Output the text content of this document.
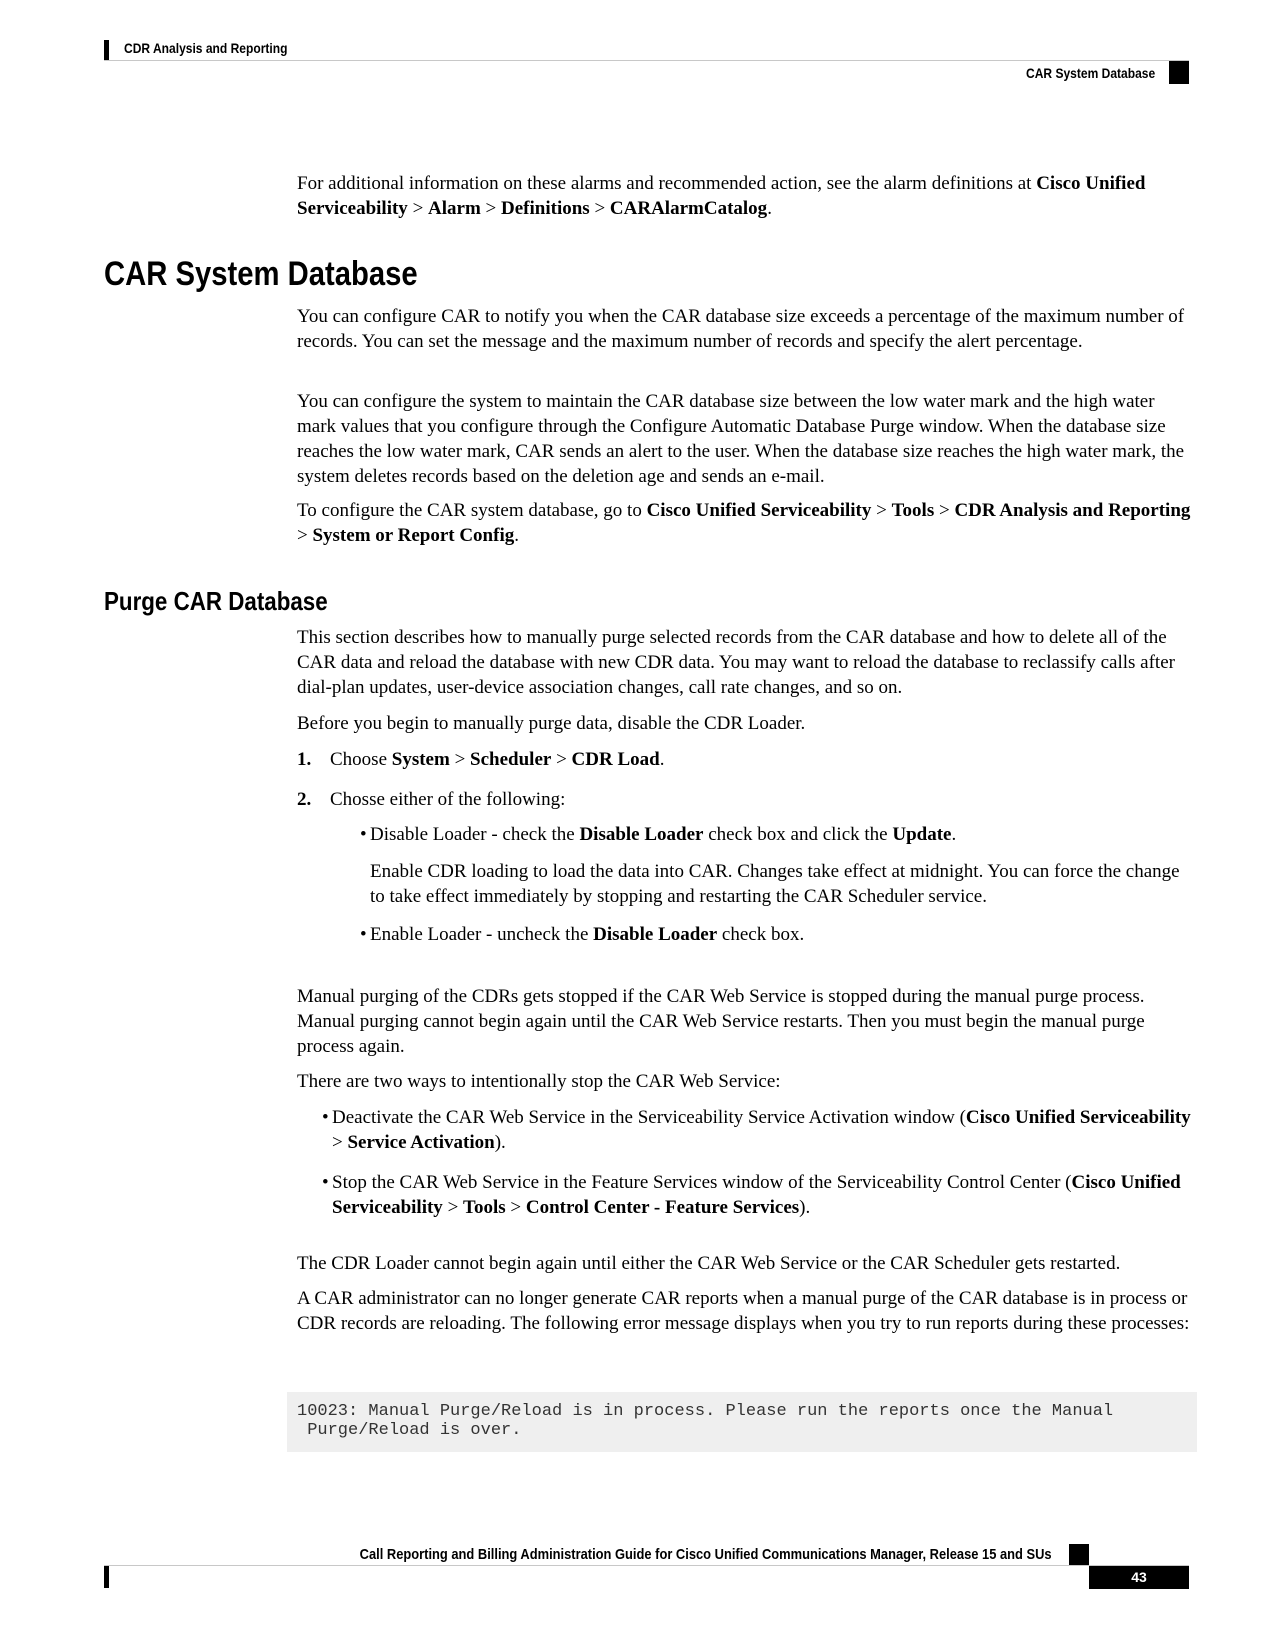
CDR Analysis and Reporting
CAR System Database

For additional information on these alarms and recommended action, see the alarm definitions at Cisco Unified Serviceability > Alarm > Definitions > CARAlarmCatalog.

CAR System Database

You can configure CAR to notify you when the CAR database size exceeds a percentage of the maximum number of records. You can set the message and the maximum number of records and specify the alert percentage.

You can configure the system to maintain the CAR database size between the low water mark and the high water mark values that you configure through the Configure Automatic Database Purge window. When the database size reaches the low water mark, CAR sends an alert to the user. When the database size reaches the high water mark, the system deletes records based on the deletion age and sends an e-mail.

To configure the CAR system database, go to Cisco Unified Serviceability > Tools > CDR Analysis and Reporting > System or Report Config.

Purge CAR Database

This section describes how to manually purge selected records from the CAR database and how to delete all of the CAR data and reload the database with new CDR data. You may want to reload the database to reclassify calls after dial-plan updates, user-device association changes, call rate changes, and so on.

Before you begin to manually purge data, disable the CDR Loader.

1. Choose System > Scheduler > CDR Load.
2. Chosse either of the following:
• Disable Loader - check the Disable Loader check box and click the Update.

Enable CDR loading to load the data into CAR. Changes take effect at midnight. You can force the change to take effect immediately by stopping and restarting the CAR Scheduler service.

• Enable Loader - uncheck the Disable Loader check box.

Manual purging of the CDRs gets stopped if the CAR Web Service is stopped during the manual purge process. Manual purging cannot begin again until the CAR Web Service restarts. Then you must begin the manual purge process again.

There are two ways to intentionally stop the CAR Web Service:

• Deactivate the CAR Web Service in the Serviceability Service Activation window (Cisco Unified Serviceability > Service Activation).
• Stop the CAR Web Service in the Feature Services window of the Serviceability Control Center (Cisco Unified Serviceability > Tools > Control Center - Feature Services).

The CDR Loader cannot begin again until either the CAR Web Service or the CAR Scheduler gets restarted.

A CAR administrator can no longer generate CAR reports when a manual purge of the CAR database is in process or CDR records are reloading. The following error message displays when you try to run reports during these processes:

10023: Manual Purge/Reload is in process. Please run the reports once the Manual
Purge/Reload is over.
Call Reporting and Billing Administration Guide for Cisco Unified Communications Manager, Release 15 and SUs
43
